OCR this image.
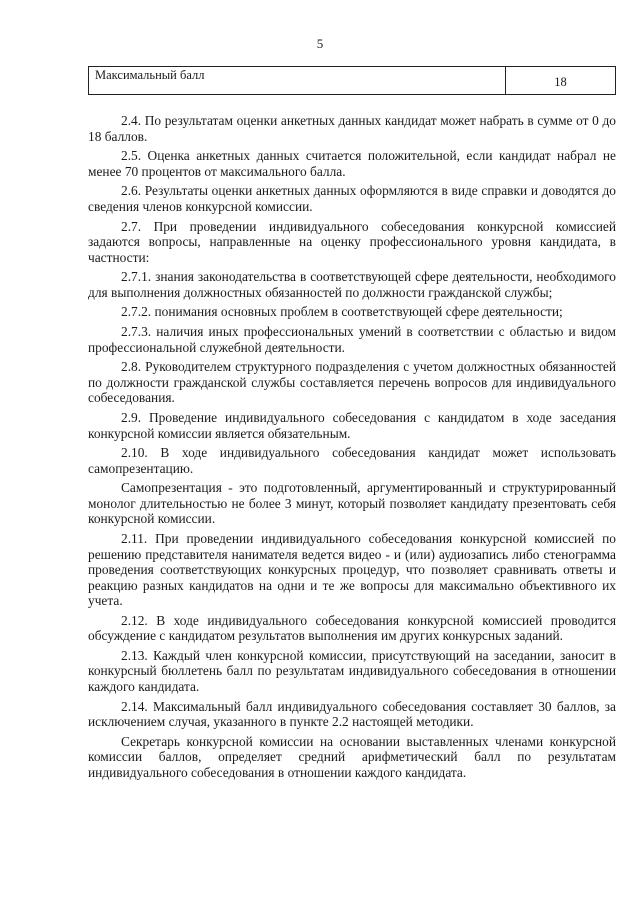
5
Максимальный балл	18

2.4. По результатам оценки анкетных данных кандидат может набрать в сумме от 0 до 18 баллов.

2.5. Оценка анкетных данных считается положительной, если кандидат набрал не менее 70 процентов от максимального балла.

2.6. Результаты оценки анкетных данных оформляются в виде справки и доводятся до сведения членов конкурсной комиссии.

2.7. При проведении индивидуального собеседования конкурсной комиссией задаются вопросы, направленные на оценку профессионального уровня кандидата, в частности:

2.7.1. знания законодательства в соответствующей сфере деятельности, необходимого для выполнения должностных обязанностей по должности гражданской службы;

2.7.2. понимания основных проблем в соответствующей сфере деятельности;

2.7.3. наличия иных профессиональных умений в соответствии с областью и видом профессиональной служебной деятельности.

2.8. Руководителем структурного подразделения с учетом должностных обязанностей по должности гражданской службы составляется перечень вопросов для индивидуального собеседования.

2.9. Проведение индивидуального собеседования с кандидатом в ходе заседания конкурсной комиссии является обязательным.

2.10. В ходе индивидуального собеседования кандидат может использовать самопрезентацию.

Самопрезентация - это подготовленный, аргументированный и структурированный монолог длительностью не более 3 минут, который позволяет кандидату презентовать себя конкурсной комиссии.

2.11. При проведении индивидуального собеседования конкурсной комиссией по решению представителя нанимателя ведется видео - и (или) аудиозапись либо стенограмма проведения соответствующих конкурсных процедур, что позволяет сравнивать ответы и реакцию разных кандидатов на одни и те же вопросы для максимально объективного их учета.

2.12. В ходе индивидуального собеседования конкурсной комиссией проводится обсуждение с кандидатом результатов выполнения им других конкурсных заданий.

2.13. Каждый член конкурсной комиссии, присутствующий на заседании, заносит в конкурсный бюллетень балл по результатам индивидуального собеседования в отношении каждого кандидата.

2.14. Максимальный балл индивидуального собеседования составляет 30 баллов, за исключением случая, указанного в пункте 2.2 настоящей методики.

Секретарь конкурсной комиссии на основании выставленных членами конкурсной комиссии баллов, определяет средний арифметический балл по результатам индивидуального собеседования в отношении каждого кандидата.
